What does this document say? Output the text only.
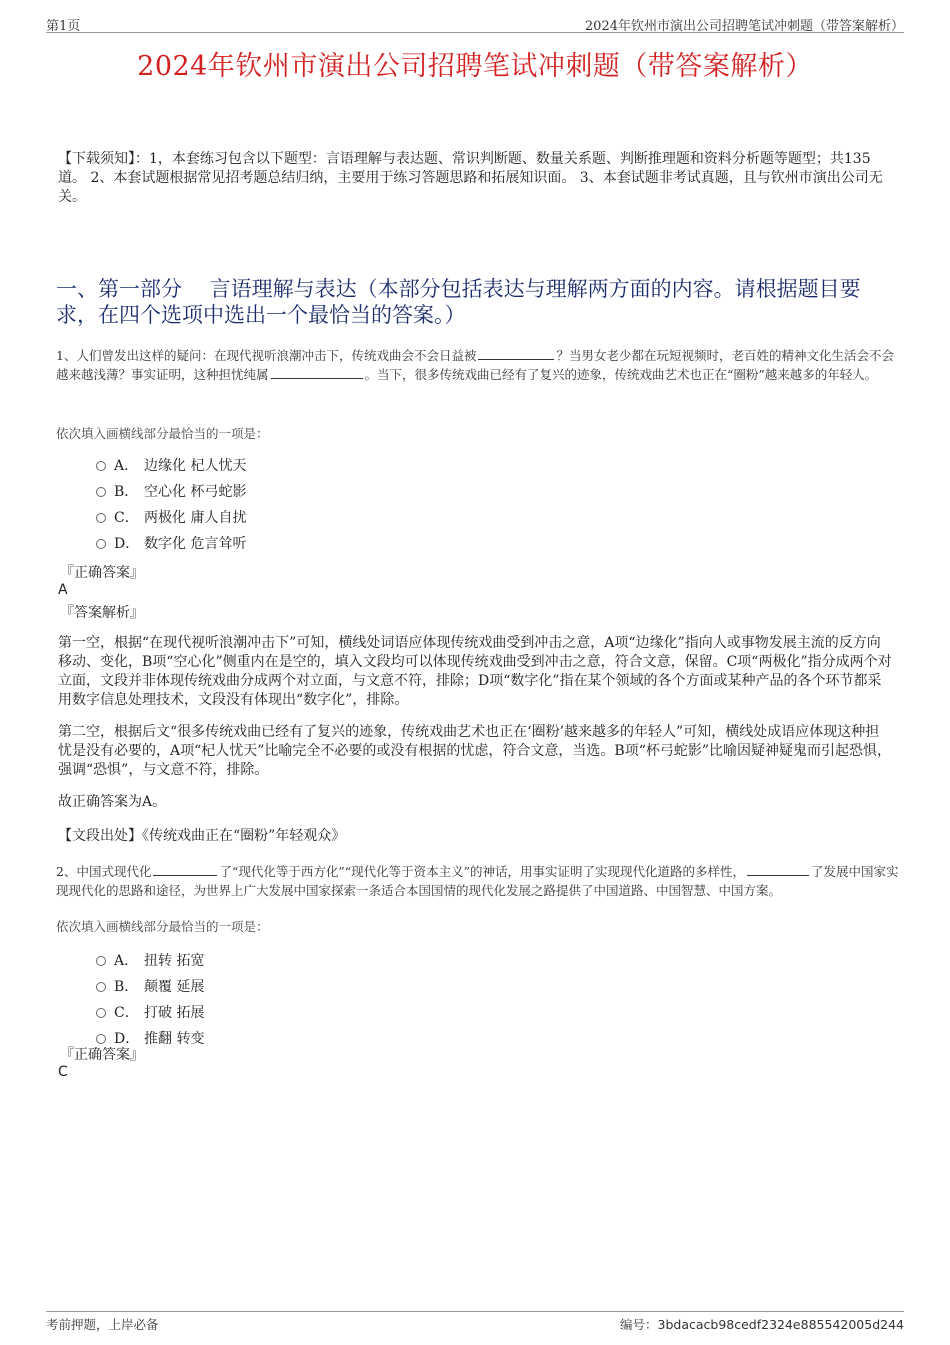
第1页	2024年钦州市演出公司招聘笔试冲刺题（带答案解析）
2024年钦州市演出公司招聘笔试冲刺题（带答案解析）
【下载须知】：1，本套练习包含以下题型：言语理解与表达题、常识判断题、数量关系题、判断推理题和资料分析题等题型；共135道。 2、本套试题根据常见招考题总结归纳，主要用于练习答题思路和拓展知识面。 3、本套试题非考试真题，且与钦州市演出公司无关。
一、第一部分　 言语理解与表达（本部分包括表达与理解两方面的内容。请根据题目要求，在四个选项中选出一个最恰当的答案。）
1、人们曾发出这样的疑问：在现代视听浪潮冲击下，传统戏曲会不会日益被	？当男女老少都在玩短视频时，老百姓的精神文化生活会不会越来越浅薄？事实证明，这种担忧纯属	。当下，很多传统戏曲已经有了复兴的迹象，传统戏曲艺术也正在“圈粉”越来越多的年轻人。
依次填入画横线部分最恰当的一项是：
A． 边缘化 杞人忧天
B． 空心化 杯弓蛇影
C． 两极化 庸人自扰
D． 数字化 危言耸听
『正确答案』
A
『答案解析』
第一空，根据“在现代视听浪潮冲击下”可知，横线处词语应体现传统戏曲受到冲击之意，A项“边缘化”指向人或事物发展主流的反方向移动、变化，B项“空心化”侧重内在是空的，填入文段均可以体现传统戏曲受到冲击之意，符合文意，保留。C项“两极化”指分成两个对立面，文段并非体现传统戏曲分成两个对立面，与文意不符，排除；D项“数字化”指在某个领域的各个方面或某种产品的各个环节都采用数字信息处理技术，文段没有体现出“数字化”，排除。
第二空，根据后文“很多传统戏曲已经有了复兴的迹象，传统戏曲艺术也正在‘圈粉’越来越多的年轻人”可知，横线处成语应体现这种担忧是没有必要的，A项“杞人忧天”比喻完全不必要的或没有根据的忧虑，符合文意，当选。B项“杯弓蛇影”比喻因疑神疑鬼而引起恐惧，强调“恐惧”，与文意不符，排除。
故正确答案为A。
【文段出处】《传统戏曲正在“圈粉”年轻观众》
2、中国式现代化	了“现代化等于西方化”“现代化等于资本主义”的神话，用事实证明了实现现代化道路的多样性，	了发展中国家实现现代化的思路和途径，为世界上广大发展中国家探索一条适合本国国情的现代化发展之路提供了中国道路、中国智慧、中国方案。
依次填入画横线部分最恰当的一项是：
A． 扭转 拓宽
B． 颠覆 延展
C． 打破 拓展
D． 推翻 转变
『正确答案』
C
考前押题，上岸必备	编号：3bdacacb98cedf2324e885542005d244
